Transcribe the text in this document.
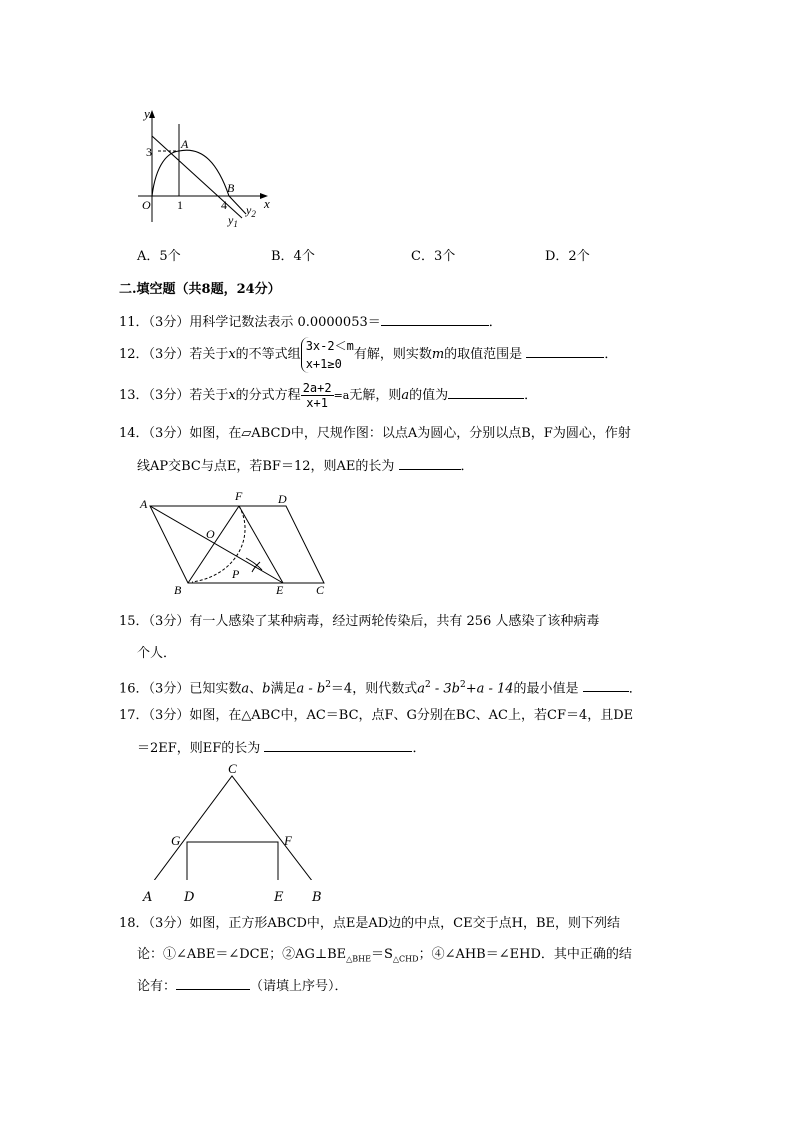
y
x
A
B
O
3
1	4 $y_2$
$y_1$
A．5个	B．4个	C．3个	D．2个
二.填空题（共8题，24分）
11．（3分）用科学记数法表示 0.0000053＝	．
12．（3分）若关于x的不等式组
3x-2＜m
x+1≥0
有解，则实数m的取值范围是	．
13．（3分）若关于x的分式方程 $\frac{2a+2}{x+1} =a$无解，则a的值为	．
14．（3分）如图，在▱ABCD中，尺规作图：以点A为圆心，分别以点B，F为圆心，作射
线AP交BC与点E，若BF＝12，则AE的长为	．
A
F	D
O
P
B	E	C
15．（3分）有一人感染了某种病毒，经过两轮传染后，共有 256 人感染了该种病毒
个人．
16．（3分）已知实数a、b满足$a - b^2=4$，则代数式$a^2 - 3b^2+a - 14$的最小值是	．
17．（3分）如图，在△ABC中，AC＝BC，点F、G分别在BC、AC上，若CF＝4，且DE
＝2EF，则EF的长为	．
C
G	F
A D	E B
18．（3分）如图，正方形ABCD中，点E是AD边的中点，CE交于点H，BE，则下列结
论：①∠ABE＝∠DCE；$②AG\perp BE_{\triangle BHE}=S_{\triangle CHD}$；④∠AHB＝∠EHD．其中正确的结
论有：	（请填上序号）．
